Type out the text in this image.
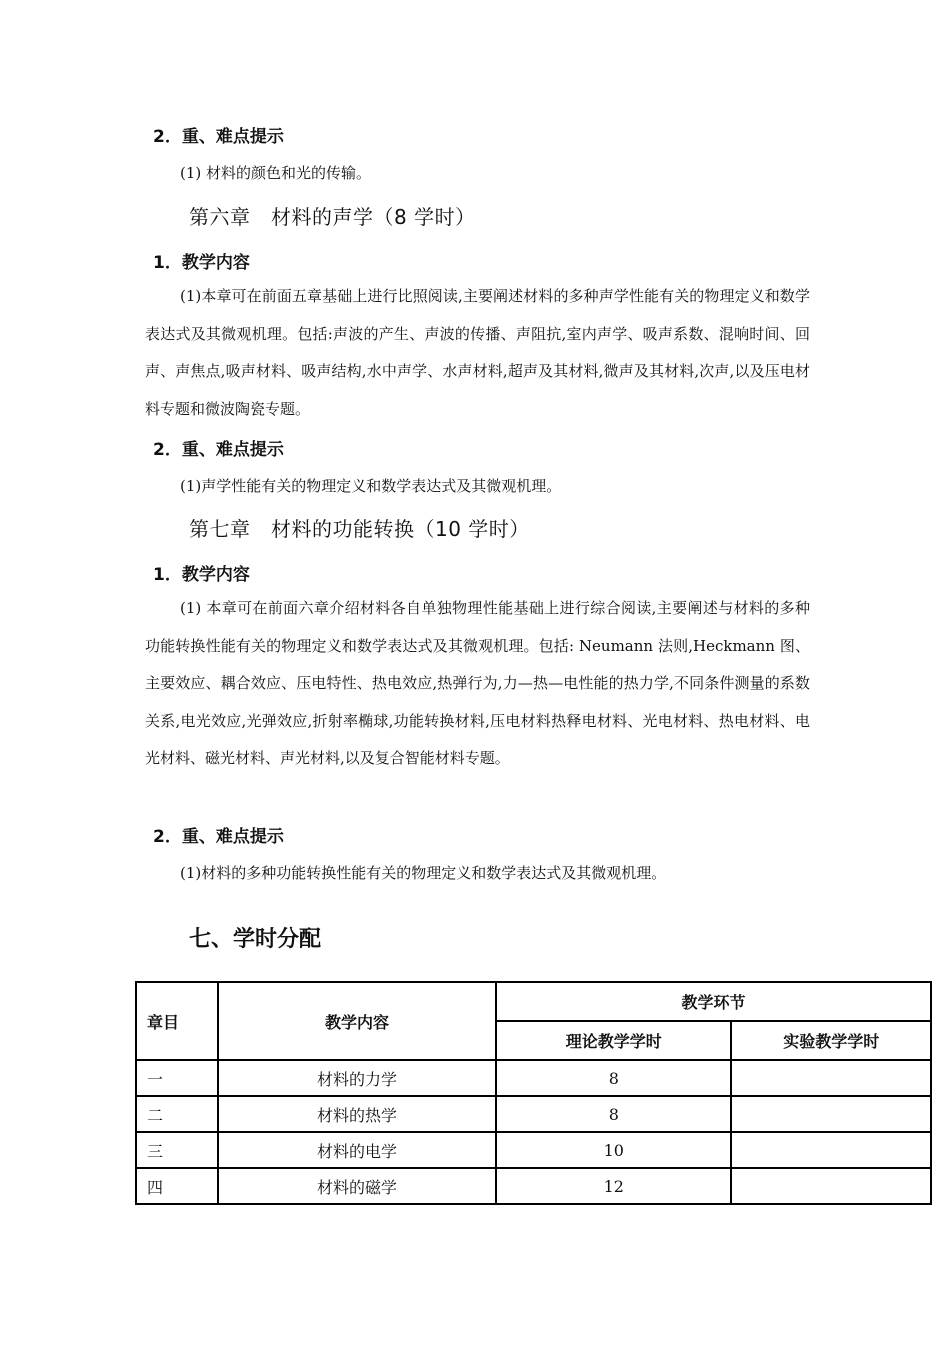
2．重、难点提示
(1) 材料的颜色和光的传输。
第六章　材料的声学（8 学时）
1．教学内容
(1)本章可在前面五章基础上进行比照阅读,主要阐述材料的多种声学性能有关的物理定义和数学表达式及其微观机理。包括:声波的产生、声波的传播、声阻抗,室内声学、吸声系数、混响时间、回声、声焦点,吸声材料、吸声结构,水中声学、水声材料,超声及其材料,微声及其材料,次声,以及压电材料专题和微波陶瓷专题。
2．重、难点提示
(1)声学性能有关的物理定义和数学表达式及其微观机理。
第七章　材料的功能转换（10 学时）
1．教学内容
(1) 本章可在前面六章介绍材料各自单独物理性能基础上进行综合阅读,主要阐述与材料的多种功能转换性能有关的物理定义和数学表达式及其微观机理。包括: Neumann 法则,Heckmann 图、主要效应、耦合效应、压电特性、热电效应,热弹行为,力—热—电性能的热力学,不同条件测量的系数关系,电光效应,光弹效应,折射率椭球,功能转换材料,压电材料热释电材料、光电材料、热电材料、电光材料、磁光材料、声光材料,以及复合智能材料专题。
2．重、难点提示
(1)材料的多种功能转换性能有关的物理定义和数学表达式及其微观机理。
七、学时分配
章目	教学内容	教学环节	
		理论教学学时	实验教学学时
一	材料的力学	8	
二	材料的热学	8	
三	材料的电学	10	
四	材料的磁学	12	
